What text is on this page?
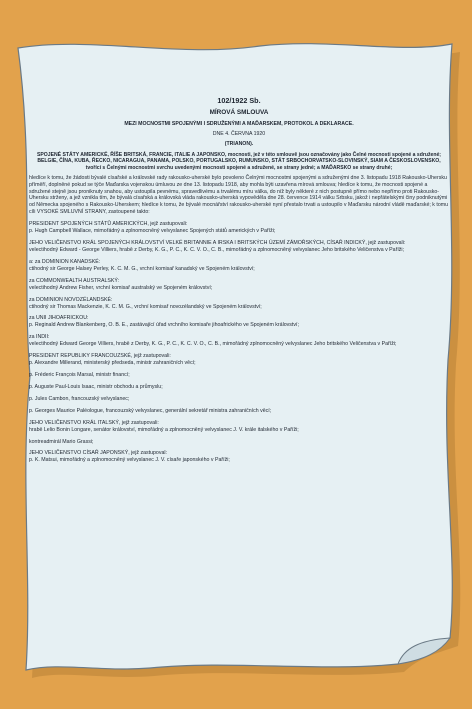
102/1922 Sb.
MÍROVÁ SMLOUVA
MEZI MOCNOSTMI SPOJENÝMI I SDRUŽENÝMI A MAĎARSKEM, PROTOKOL A DEKLARACE.
DNE 4. ČERVNA 1920
(TRIANON).
SPOJENÉ STÁTY AMERICKÉ, ŘÍŠE BRITSKÁ, FRANCIE, ITALIE A JAPONSKO, mocnosti, jež v této smlouvě jsou označovány jako Čelné mocnosti spojené a sdružené; BELGIE, ČÍNA, KUBA, ŘECKO, NICARAGUA, PANAMA, POLSKO, PORTUGALSKO, RUMUNSKO, STÁT SRBOCHORVATSKO-SLOVINSKÝ, SIAM A ČESKOSLOVENSKO, tvořící s Čelnými mocnostmi svrchu uvedenými mocnosti spojené a sdružené, se strany jedné; a MAĎARSKO se strany druhé;
hledíce k tomu, že žádosti bývalé císařské a královské rady rakousko-uherské bylo povoleno Čelnými mocnostmi spojenými a sdruženými dne 3. listopadu 1918 Rakousko-Uhersku příměří, doplněné pokud se týče Maďarska vojenskou úmluvou ze dne 13. listopadu 1918, aby mohla býti uzavřena mírová smlouva; hledíce k tomu, že mocnosti spojené a sdružené stejně jsou proniknuty snahou, aby ustoupila pevnému, spravedlivému a trvalému míru válka, do níž byly některé z nich postupně přímo nebo nepřímo proti Rakousko-Uhersku strženy, a jež vznikla tím, že bývalá císařská a královská vláda rakousko-uherská vypověděla dne 28. července 1914 válku Srbsku, jakož i nepřátelskými činy podniknutými od Německa spojeného s Rakousko-Uherskem; hledíce k tomu, že bývalé mocnářství rakousko-uherské nyní přestalo trvati a ustoupilo v Maďarsku národní vládě maďarské; k tomu cíli VYSOKÉ SMLUVNÍ STRANY, zastoupené takto:
PRESIDENT SPOJENÝCH STÁTŮ AMERICKÝCH, jejž zastupovali:
p. Hugh Campbell Wallace, mimořádný a zplnomocněný velvyslanec Spojených států amerických v Paříži;
JEHO VELIČENSTVO KRÁL SPOJENÝCH KRÁLOVSTVÍ VELKÉ BRITANNIE A IRSKA I BRITSKÝCH ÚZEMÍ ZÁMOŘSKÝCH, CÍSAŘ INDICKÝ, jejž zastupovali:
velectihodný Edward - George Villiers, hrabě z Derby, K. G., P. C., K. C. V. O., C. B., mimořádný a zplnomocněný velvyslanec Jeho britského Veličenstva v Paříži;
a: za DOMINION KANADSKÉ:
ctihodný sir George Halsey Perley, K. C. M. G., vrchní komisař kanadský ve Spojeném království;
za COMMONWEALTH AUSTRALSKÝ:
velectihodný Andrew Fisher, vrchní komisař australský ve Spojeném království;
za DOMINION NOVOZÉLANDSKÉ:
ctihodný sir Thomas Mackenzie, K. C. M. G., vrchní komisař novozélandský ve Spojeném království;
za UNII JIHOAFRICKOU:
p. Reginald Andrew Blankenberg, O. B. E., zastávající úřad vrchního komisaře jihoafrického ve Spojeném království;
za INDII:
velectihodný Edward George Villiers, hrabě z Derby, K. G., P. C., K. C. V. O., C. B., mimořádný zplnomocněný velvyslanec Jeho britského Veličenstva v Paříži;
PRESIDENT REPUBLIKY FRANCOUZSKÉ, jejž zastupovali:
p. Alexandre Millerand, ministerský předseda, ministr zahraničních věcí;
p. Fréderic François Marsal, ministr financí;
p. Auguste Paul-Louis Isaac, ministr obchodu a průmyslu;
p. Jules Cambon, francouzský velvyslanec;
p. Georges Maurice Paléologue, francouzský velvyslanec, generální sekretář ministra zahraničních věcí;
JEHO VELIČENSTVO KRÁL ITALSKÝ, jejž zastupovali:
hrabě Lelio Bonin Longare, senátor království, mimořádný a zplnomocněný velvyslanec J. V. krále italského v Paříži;
kontreadmirál Mario Grassi;
JEHO VELIČENSTVO CÍSAŘ JAPONSKÝ, jejž zastupoval:
p. K. Matsui, mimořádný a zplnomocněný velvyslanec J. V. císaře japonského v Paříži;
